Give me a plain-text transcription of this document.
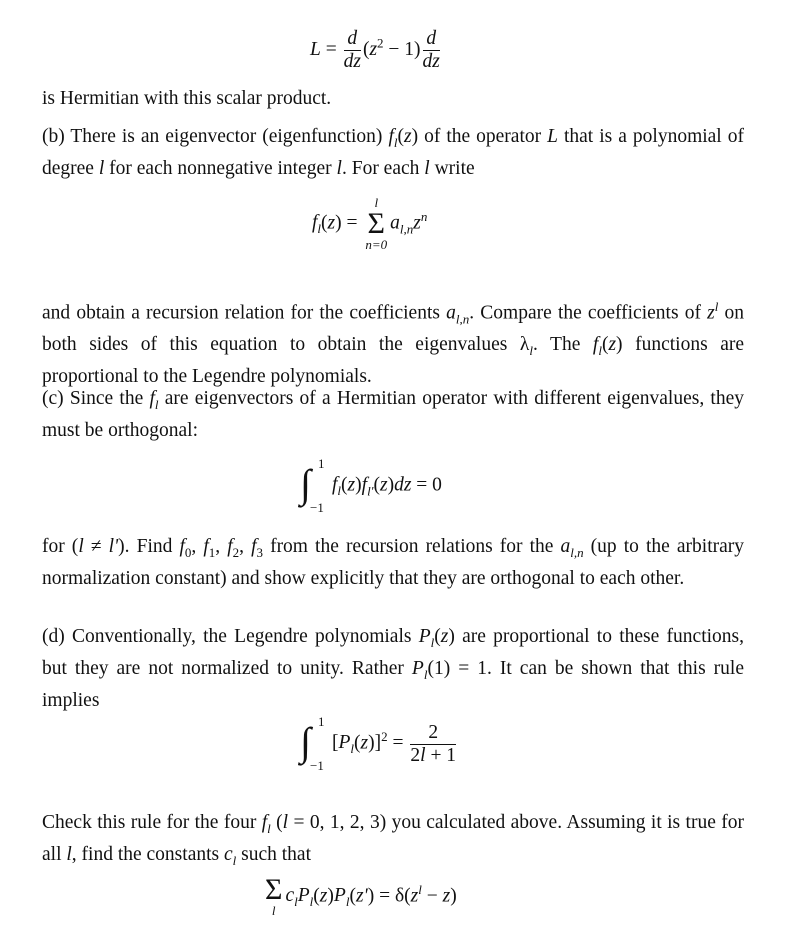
$L = \frac{d}{dz} (z^2 - 1) \frac{d}{dz}$
is Hermitian with this scalar product.
(b) There is an eigenvector (eigenfunction) $f_l(z)$ of the operator L that is a polynomial of degree l for each nonnegative integer l. For each l write
$f_l(z)$ =
l
Σ
n=0
$a_{l,n}z^n$
and obtain a recursion relation for the coefficients $a_{l,n}$. Compare the coefficients of $z^l$ on both sides of this equation to obtain the eigenvalues $\lambda_l$. The $f_l(z)$ functions are proportional to the Legendre polynomials.
(c) Since the $f_l$ are eigenvectors of a Hermitian operator with different eigenvalues, they must be orthogonal:
∫ 1
−1
$f_l(z)f_{l'}(z)dz = 0$
for (l ≠ l'). Find $f_0$, $f_1$, $f_2$, $f_3$ from the recursion relations for the $a_{l,n}$ (up to the arbitrary normalization constant) and show explicitly that they are orthogonal to each other.
(d) Conventionally, the Legendre polynomials $P_l(z)$ are proportional to these functions, but they are not normalized to unity. Rather $P_l(1) = 1$. It can be shown that this rule implies
∫ 1
−1
$[P_l(z)]^2 = \frac{2}{2l + 1}$
Check this rule for the four $f_l$ (l = 0, 1, 2, 3) you calculated above. Assuming it is true for all l, find the constants $c_l$ such that
Σ
l
$c_lP_l(z)P_l(z') = \delta(z^l - z)$
